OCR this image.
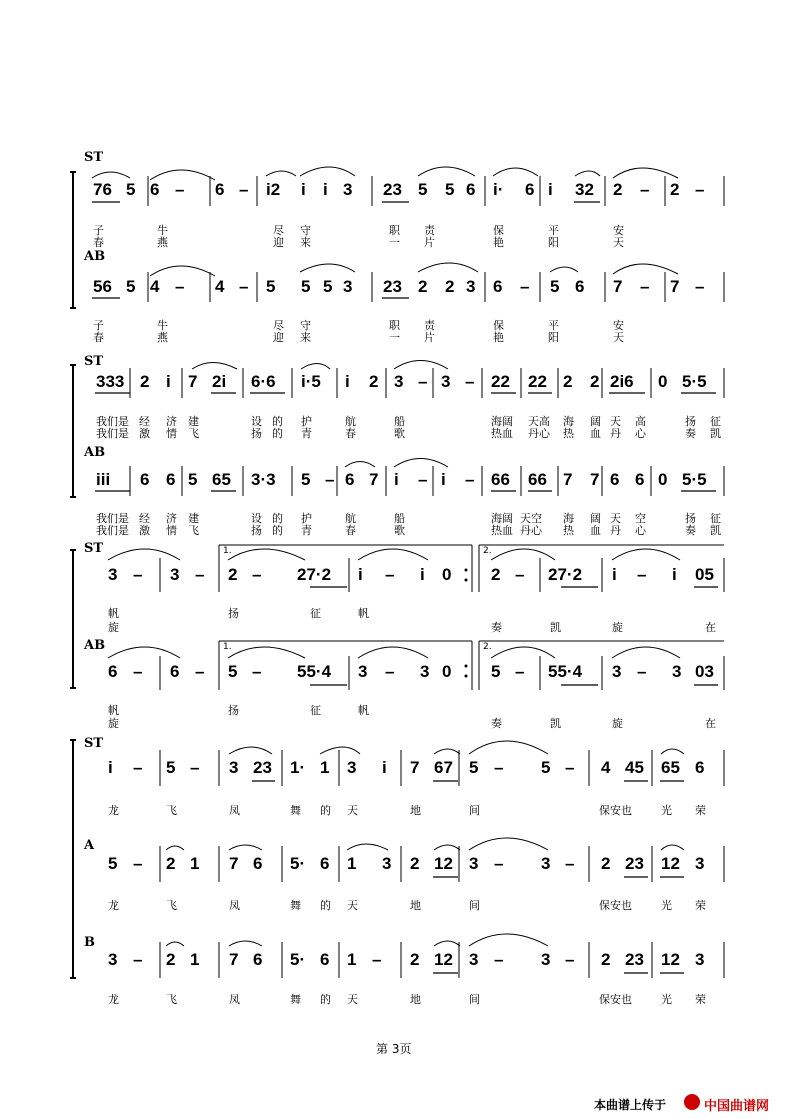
ST
AB
ST
AB
ST
AB
ST
A
B
1.	2.
1.	2.
76 5 6 – 6 – i2 i i 3 23 5 5 6 i· 6 i 32 2 – 2 –
子	牛	尽 守	职 责	保	平	安
春	燕	迎 来	一 片	艳	阳	天
56 5 4 – 4 – 5 5 5 3 23 2 2 3 6 – 5 6 7 – 7 –
子	牛	尽 守	职 责	保	平	安
春	燕	迎 来	一 片	艳	阳	天
333 2 i 7 2i 6·6 i·5 i 2 3 – 3 – 22 22 2 2 2i6 0 5·5
我们是 经 济 建	设 的 护	航	船	海阔 天高 海 阔 天 高	扬 征
我们是 激 情 飞	扬 的 青	春	歌	热血 丹心 热 血 丹 心	奏 凯
iii 6 6 5 65 3·3 5 – 6 7 i – i – 66 66 7 7 6 6 0 5·5
我们是 经 济 建	设 的 护	航	船	海阔 天空 海 阔 天 空	扬 征
我们是 激 情 飞	扬 的 青	春	歌	热血 丹心 热 血 丹 心	奏 凯
3 – 3 – 2 – 27·2 i – i 0 2 – 27·2 i – i 05
帆	扬	征	帆
旋	奏	凯	旋	在
6 – 6 – 5 – 55·4 3 – 3 0 5 – 55·4 3 – 3 03
帆	扬	征	帆
旋	奏	凯	旋	在
i – 5 – 3 23 1· 1 3 i 7 67 5 – 5 – 4 45 65 6
龙	飞	凤	舞 的 天	地	间	保安也	光 荣
5 – 2 1 7 6 5· 6 1 3 2 12 3 – 3 – 2 23 12 3
龙	飞	凤	舞 的 天	地	间	保安也	光 荣
3 – 2 1 7 6 5· 6 1 – 2 12 3 – 3 – 2 23 12 3
龙	飞	凤	舞 的 天	地	间	保安也	光 荣
第 3页
本曲谱上传于	中国曲谱网
